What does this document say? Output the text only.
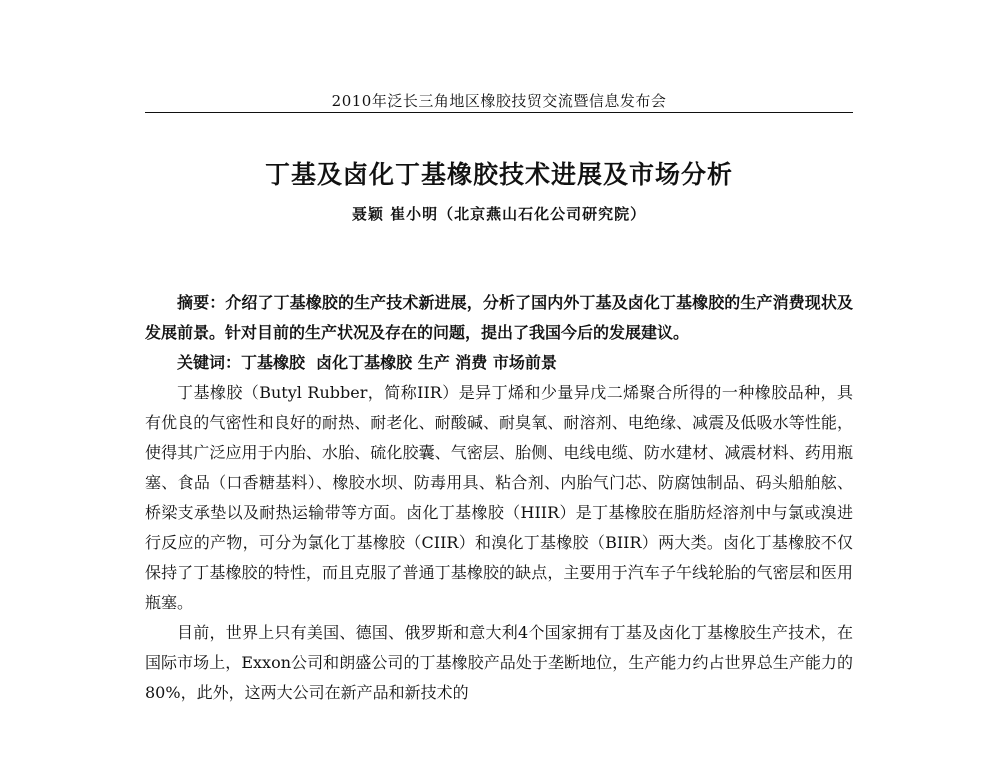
2010年泛长三角地区橡胶技贸交流暨信息发布会
丁基及卤化丁基橡胶技术进展及市场分析
聂颖 崔小明（北京燕山石化公司研究院）

摘要：介绍了丁基橡胶的生产技术新进展，分析了国内外丁基及卤化丁基橡胶的生产消费现状及发展前景。针对目前的生产状况及存在的问题，提出了我国今后的发展建议。

关键词：丁基橡胶  卤化丁基橡胶 生产 消费 市场前景

丁基橡胶（Butyl Rubber，简称IIR）是异丁烯和少量异戊二烯聚合所得的一种橡胶品种，具有优良的气密性和良好的耐热、耐老化、耐酸碱、耐臭氧、耐溶剂、电绝缘、减震及低吸水等性能，使得其广泛应用于内胎、水胎、硫化胶囊、气密层、胎侧、电线电缆、防水建材、减震材料、药用瓶塞、食品（口香糖基料）、橡胶水坝、防毒用具、粘合剂、内胎气门芯、防腐蚀制品、码头船舶舷、桥梁支承垫以及耐热运输带等方面。卤化丁基橡胶（HIIR）是丁基橡胶在脂肪烃溶剂中与氯或溴进行反应的产物，可分为氯化丁基橡胶（CIIR）和溴化丁基橡胶（BIIR）两大类。卤化丁基橡胶不仅保持了丁基橡胶的特性，而且克服了普通丁基橡胶的缺点，主要用于汽车子午线轮胎的气密层和医用瓶塞。

目前，世界上只有美国、德国、俄罗斯和意大利4个国家拥有丁基及卤化丁基橡胶生产技术，在国际市场上，Exxon公司和朗盛公司的丁基橡胶产品处于垄断地位，生产能力约占世界总生产能力的80%，此外，这两大公司在新产品和新技术的
